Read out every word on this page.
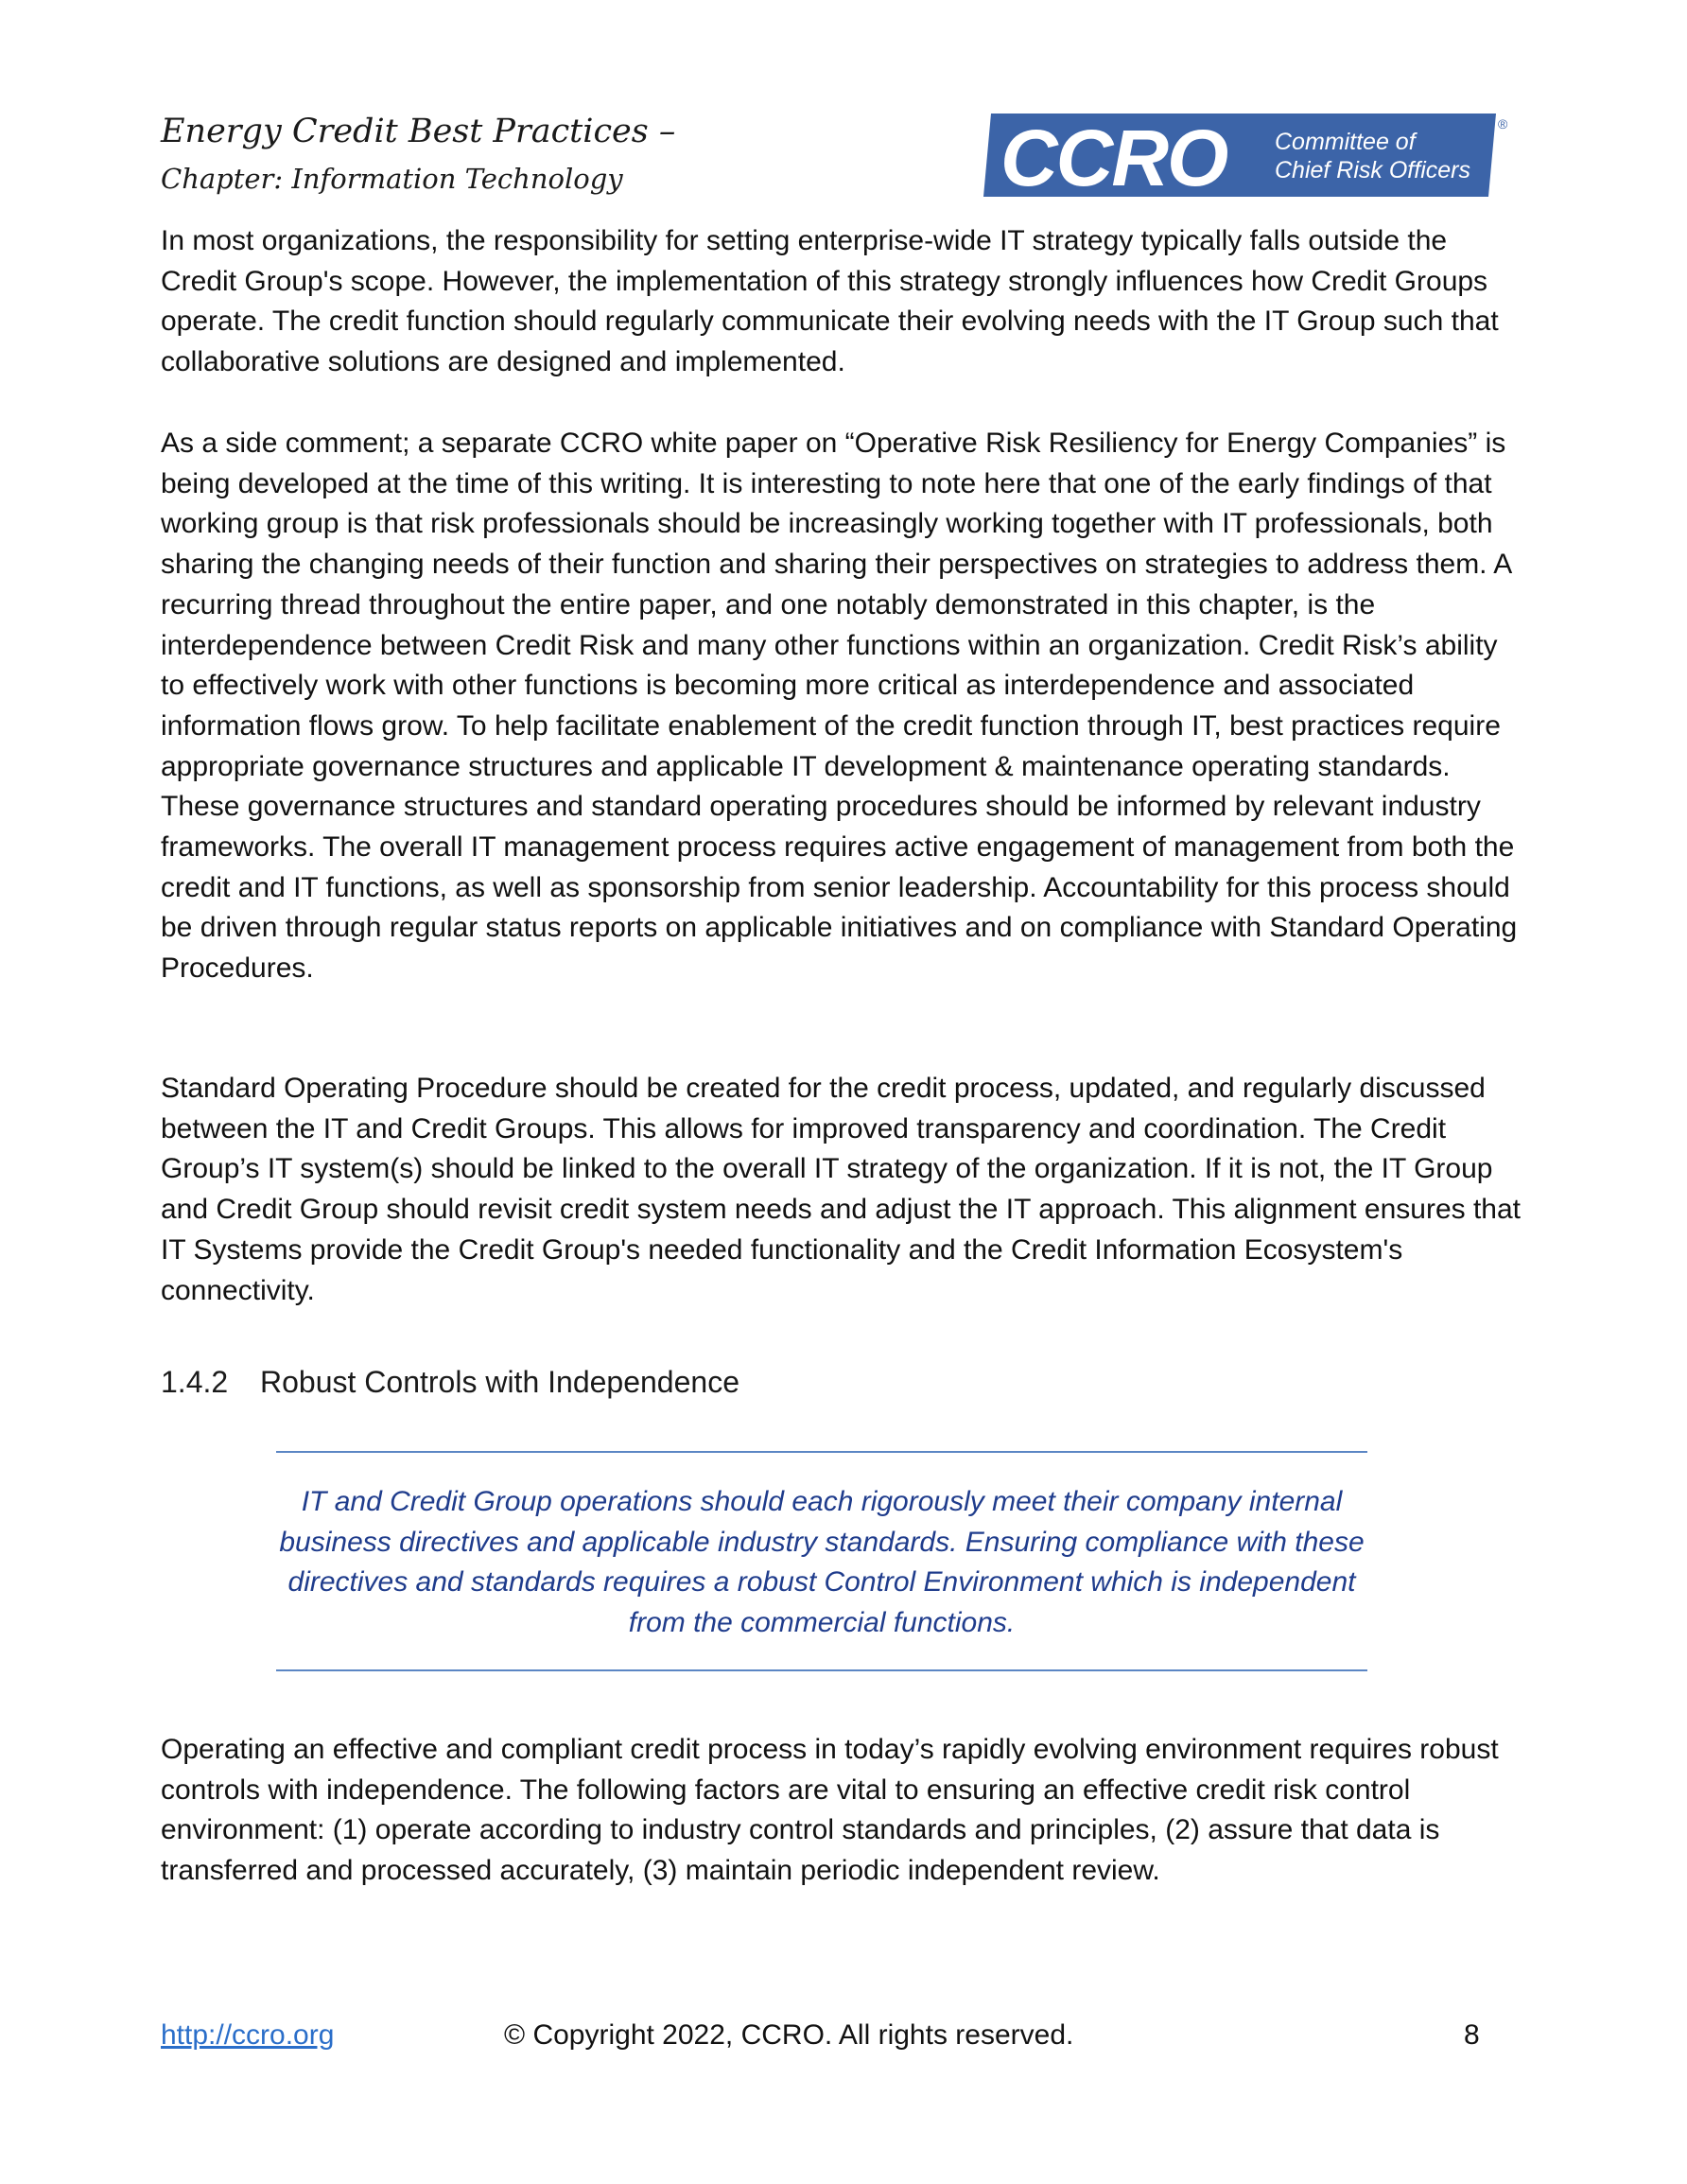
Energy Credit Best Practices –
Chapter: Information Technology	CCRO Committee of
Chief Risk Officers
®

In most organizations, the responsibility for setting enterprise-wide IT strategy typically falls outside the Credit Group's scope. However, the implementation of this strategy strongly influences how Credit Groups operate. The credit function should regularly communicate their evolving needs with the IT Group such that collaborative solutions are designed and implemented.

As a side comment; a separate CCRO white paper on “Operative Risk Resiliency for Energy Companies” is being developed at the time of this writing. It is interesting to note here that one of the early findings of that working group is that risk professionals should be increasingly working together with IT professionals, both sharing the changing needs of their function and sharing their perspectives on strategies to address them. A recurring thread throughout the entire paper, and one notably demonstrated in this chapter, is the interdependence between Credit Risk and many other functions within an organization. Credit Risk’s ability to effectively work with other functions is becoming more critical as interdependence and associated information flows grow. To help facilitate enablement of the credit function through IT, best practices require appropriate governance structures and applicable IT development & maintenance operating standards. These governance structures and standard operating procedures should be informed by relevant industry frameworks. The overall IT management process requires active engagement of management from both the credit and IT functions, as well as sponsorship from senior leadership. Accountability for this process should be driven through regular status reports on applicable initiatives and on compliance with Standard Operating Procedures.

Standard Operating Procedure should be created for the credit process, updated, and regularly discussed between the IT and Credit Groups. This allows for improved transparency and coordination. The Credit Group’s IT system(s) should be linked to the overall IT strategy of the organization. If it is not, the IT Group and Credit Group should revisit credit system needs and adjust the IT approach. This alignment ensures that IT Systems provide the Credit Group's needed functionality and the Credit Information Ecosystem's connectivity.

1.4.2 Robust Controls with Independence
IT and Credit Group operations should each rigorously meet their company internal business directives and applicable industry standards. Ensuring compliance with these directives and standards requires a robust Control Environment which is independent from the commercial functions.

Operating an effective and compliant credit process in today’s rapidly evolving environment requires robust controls with independence. The following factors are vital to ensuring an effective credit risk control environment: (1) operate according to industry control standards and principles, (2) assure that data is transferred and processed accurately, (3) maintain periodic independent review.

http://ccro.org	© Copyright 2022, CCRO. All rights reserved.	8
